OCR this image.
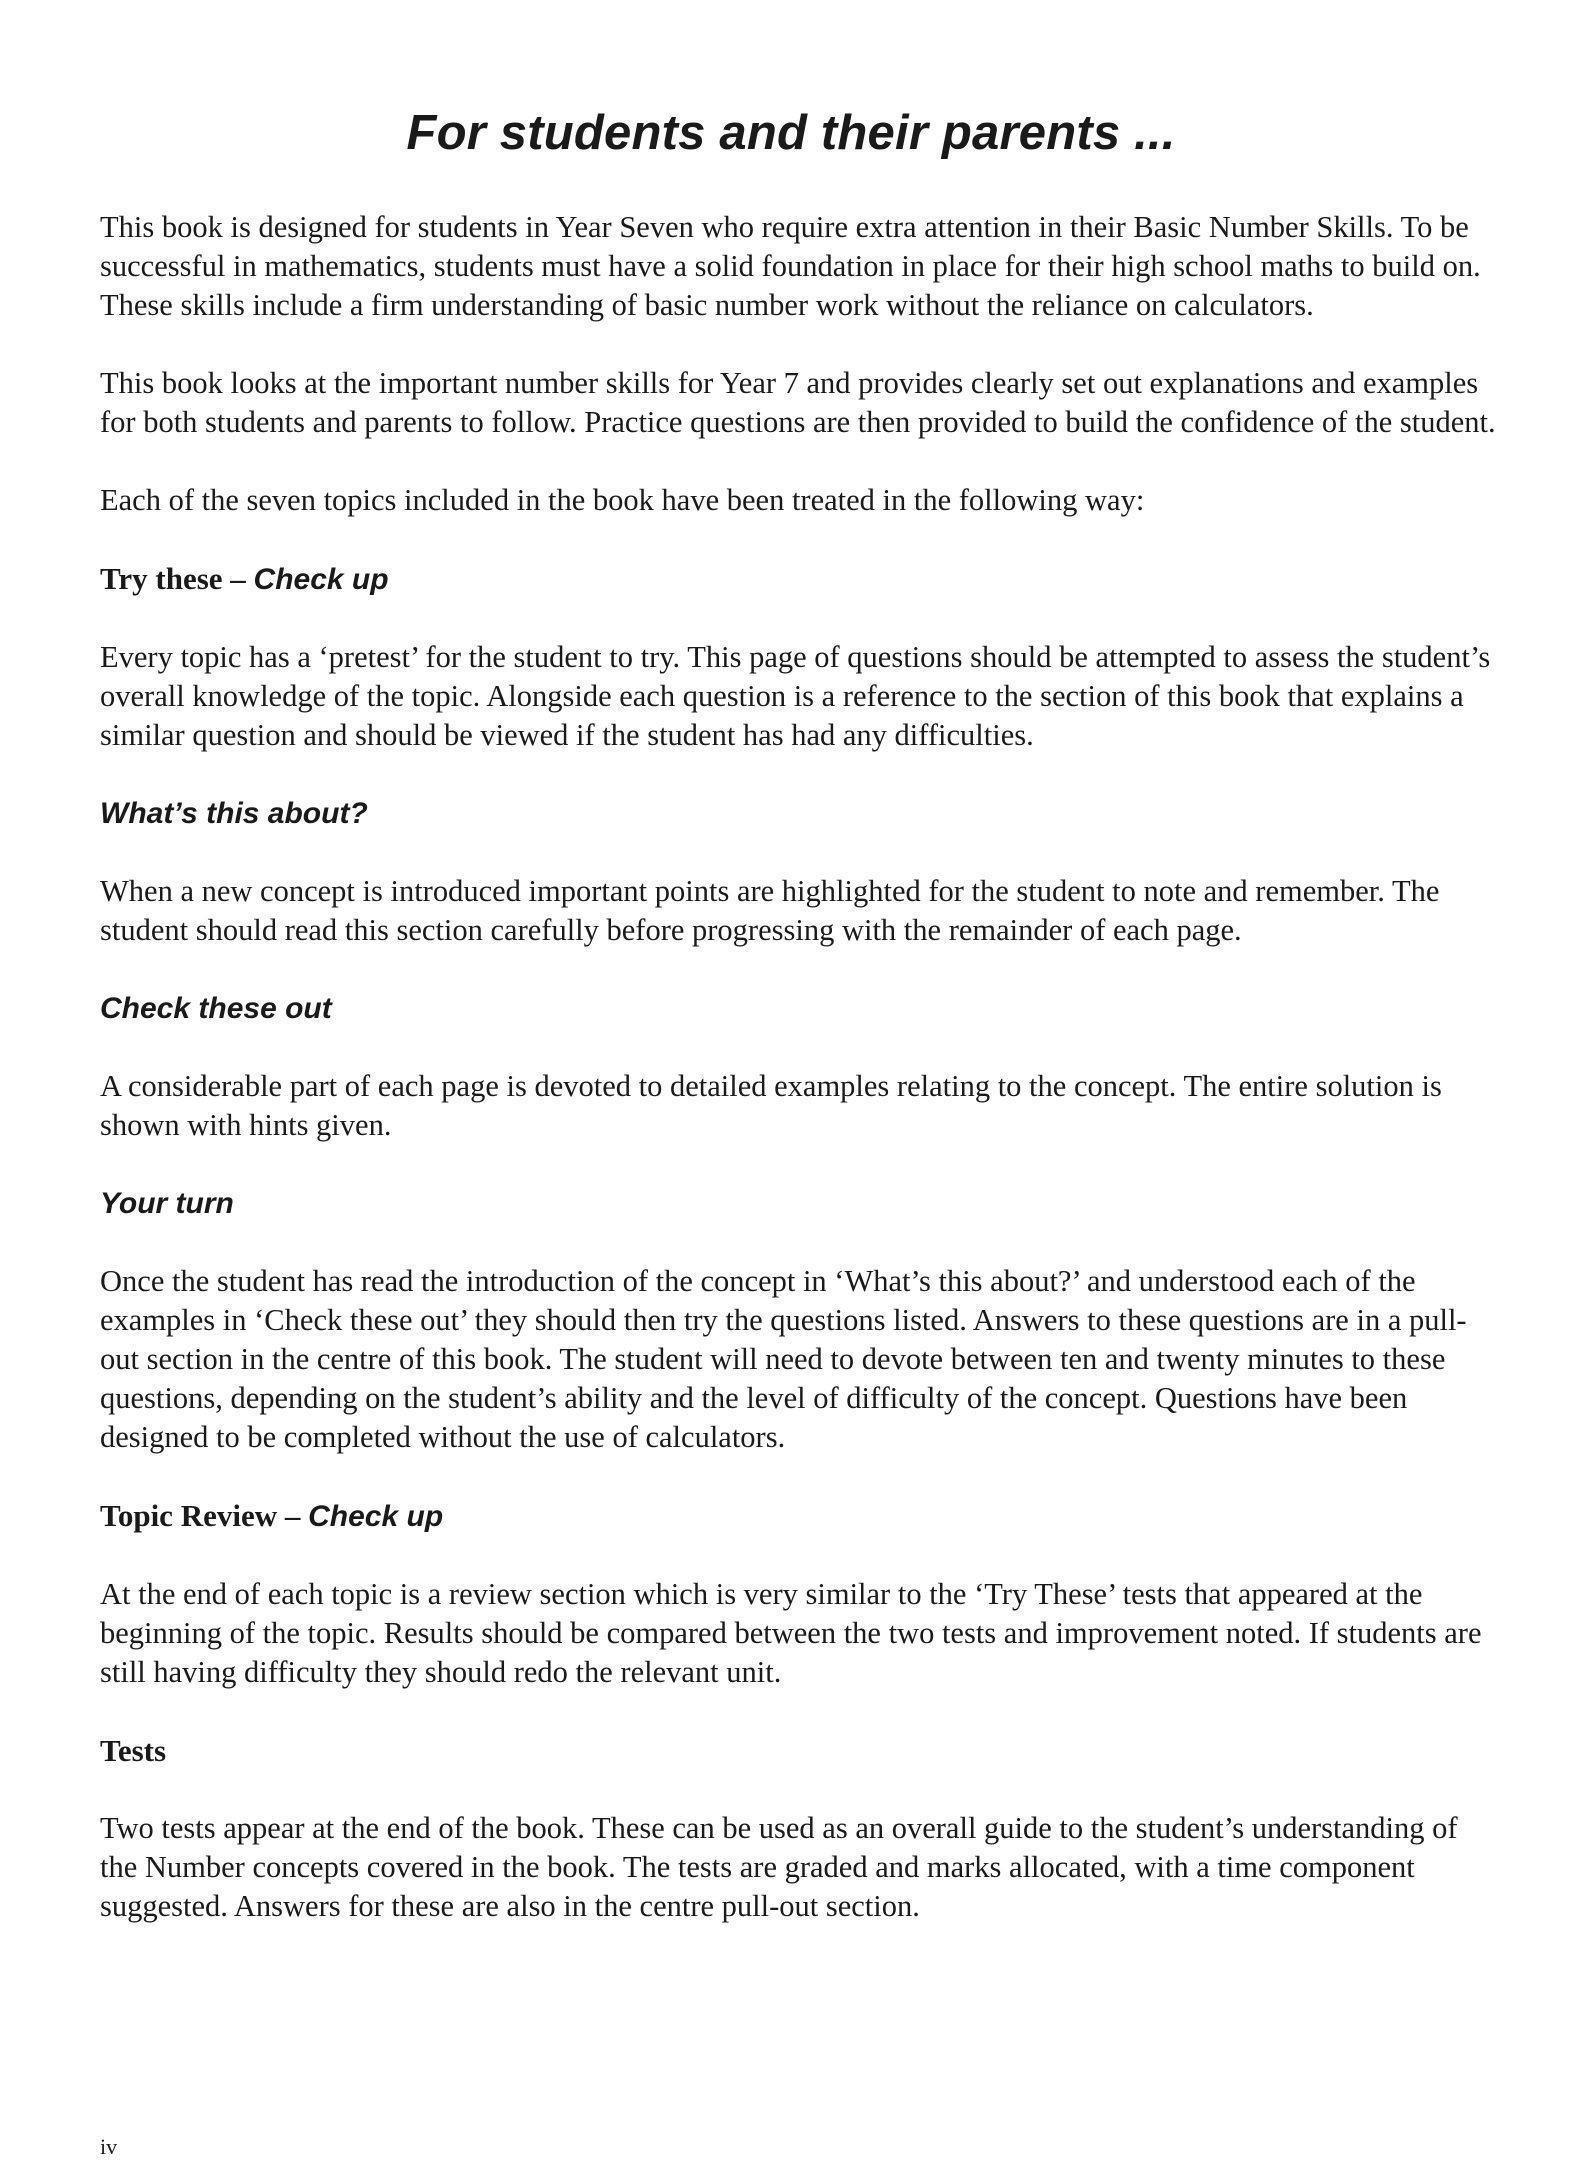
For students and their parents ...

This book is designed for students in Year Seven who require extra attention in their Basic Number Skills. To be successful in mathematics, students must have a solid foundation in place for their high school maths to build on. These skills include a firm understanding of basic number work without the reliance on calculators.

This book looks at the important number skills for Year 7 and provides clearly set out explanations and examples for both students and parents to follow. Practice questions are then provided to build the confidence of the student.

Each of the seven topics included in the book have been treated in the following way:

Try these – Check up

Every topic has a ‘pretest’ for the student to try. This page of questions should be attempted to assess the student’s overall knowledge of the topic. Alongside each question is a reference to the section of this book that explains a similar question and should be viewed if the student has had any difficulties.

What’s this about?

When a new concept is introduced important points are highlighted for the student to note and remember. The student should read this section carefully before progressing with the remainder of each page.

Check these out

A considerable part of each page is devoted to detailed examples relating to the concept. The entire solution is shown with hints given.

Your turn

Once the student has read the introduction of the concept in ‘What’s this about?’ and understood each of the examples in ‘Check these out’ they should then try the questions listed. Answers to these questions are in a pull-out section in the centre of this book. The student will need to devote between ten and twenty minutes to these questions, depending on the student’s ability and the level of difficulty of the concept. Questions have been designed to be completed without the use of calculators.

Topic Review – Check up

At the end of each topic is a review section which is very similar to the ‘Try These’ tests that appeared at the beginning of the topic. Results should be compared between the two tests and improvement noted. If students are still having difficulty they should redo the relevant unit.

Tests

Two tests appear at the end of the book. These can be used as an overall guide to the student’s understanding of the Number concepts covered in the book. The tests are graded and marks allocated, with a time component suggested. Answers for these are also in the centre pull-out section.

iv
